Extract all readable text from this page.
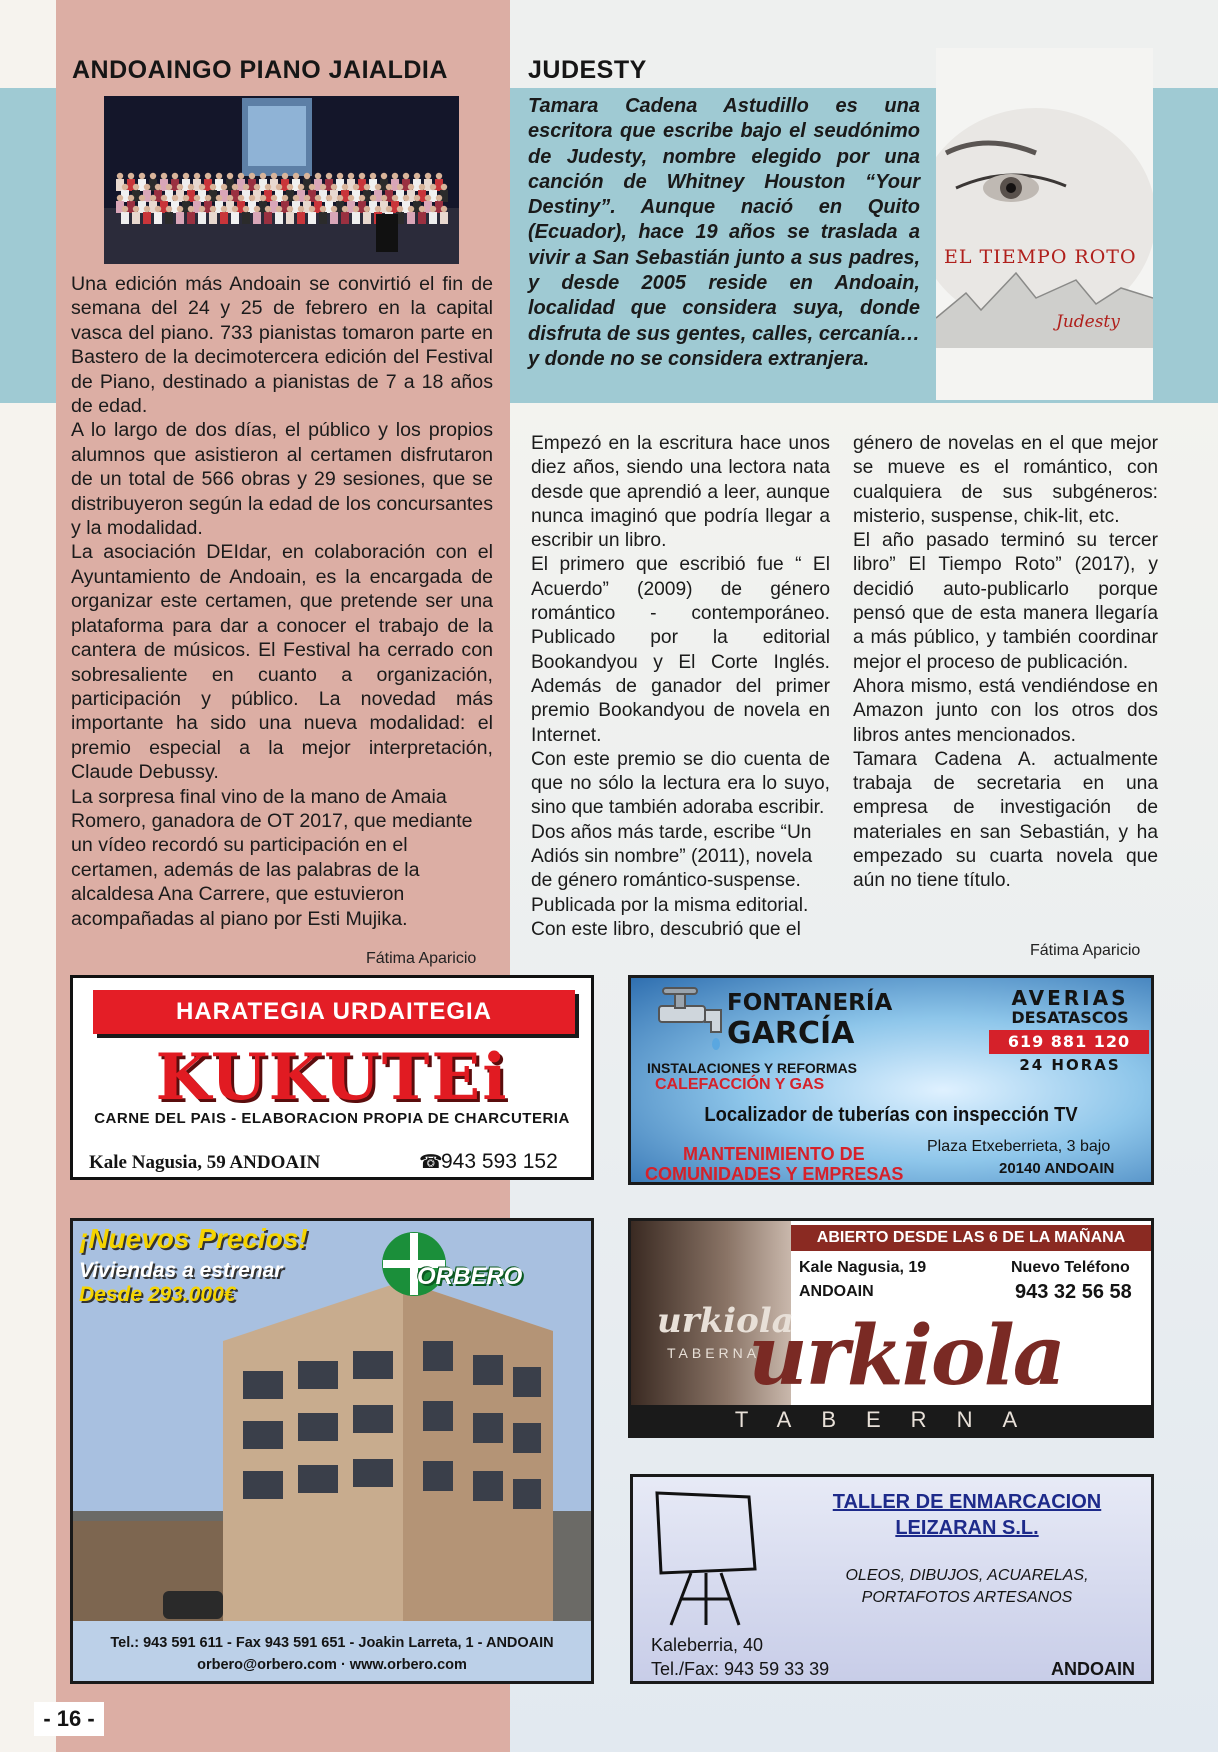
ANDOAINGO PIANO JAIALDIA

Una edición más Andoain se convirtió el fin de semana del 24 y 25 de febrero en la capital vasca del piano. 733 pianistas tomaron parte en Bastero de la decimotercera edición del Festival de Piano, destinado a pianistas de 7 a 18 años de edad.

A lo largo de dos días, el público y los propios alumnos que asistieron al certamen disfrutaron de un total de 566 obras y 29 sesiones, que se distribuyeron según la edad de los concursantes y la modalidad.

La asociación DEIdar, en colaboración con el Ayuntamiento de Andoain, es la encargada de organizar este certamen, que pretende ser una plataforma para dar a conocer el trabajo de la cantera de músicos. El Festival ha cerrado con sobresaliente en cuanto a organización, participación y público. La novedad más importante ha sido una nueva modalidad: el premio especial a la mejor interpretación, Claude Debussy.

La sorpresa final vino de la mano de Amaia Romero, ganadora de OT 2017, que mediante un vídeo recordó su participación en el certamen, además de las palabras de la alcaldesa Ana Carrere, que estuvieron acompañadas al piano por Esti Mujika.

Fátima Aparicio
JUDESTY
Tamara Cadena Astudillo es una escritora que escribe bajo el seudónimo de Judesty, nombre elegido por una canción de Whitney Houston “Your Destiny”. Aunque nació en Quito (Ecuador), hace 19 años se traslada a vivir a San Sebastián junto a sus padres, y desde 2005 reside en Andoain, localidad que considera suya, donde disfruta de sus gentes, calles, cercanía… y donde no se considera extranjera.
EL TIEMPO ROTO
Judesty

Empezó en la escritura hace unos diez años, siendo una lectora nata desde que aprendió a leer, aunque nunca imaginó que podría llegar a escribir un libro.

El primero que escribió fue “ El Acuerdo” (2009) de género romántico - contemporáneo. Publicado por la editorial Bookandyou y El Corte Inglés. Además de ganador del primer premio Bookandyou de novela en Internet.

Con este premio se dio cuenta de que no sólo la lectura era lo suyo, sino que también adoraba escribir.

Dos años más tarde, escribe “Un Adiós sin nombre” (2011), novela de género romántico-suspense. Publicada por la misma editorial. Con este libro, descubrió que el

género de novelas en el que mejor se mueve es el romántico, con cualquiera de sus subgéneros: misterio, suspense, chik-lit, etc.

El año pasado terminó su tercer libro” El Tiempo Roto” (2017), y decidió auto-publicarlo porque pensó que de esta manera llegaría a más público, y también coordinar mejor el proceso de publicación.

Ahora mismo, está vendiéndose en Amazon junto con los otros dos libros antes mencionados.

Tamara Cadena A. actualmente trabaja de secretaria en una empresa de investigación de materiales en san Sebastián, y ha empezado su cuarta novela que aún no tiene título.

Fátima Aparicio
HARATEGIA URDAITEGIA
KUKUTEi
CARNE DEL PAIS - ELABORACION PROPIA DE CHARCUTERIA
Kale Nagusia, 59 ANDOAIN	☎
943 593 152
FONTANERÍA
GARCÍA
AVERIAS
DESATASCOS
619 881 120
24 HORAS
INSTALACIONES Y REFORMAS
CALEFACCIÓN Y GAS
Localizador de tuberías con inspección TV
MANTENIMIENTO DE
COMUNIDADES Y EMPRESAS
Plaza Etxeberrieta, 3 bajo
20140 ANDOAIN
¡Nuevos Precios!
Viviendas a estrenar
Desde 293.000€
ORBERO
Tel.: 943 591 611 - Fax 943 591 651 - Joakin Larreta, 1 - ANDOAIN
orbero@orbero.com · www.orbero.com
urkiola
TABERNA
ABIERTO DESDE LAS 6 DE LA MAÑANA
Kale Nagusia, 19
ANDOAIN
Nuevo Teléfono
943 32 56 58
urkiola
TABERNA
TALLER DE ENMARCACION
LEIZARAN S.L.
OLEOS, DIBUJOS, ACUARELAS,
PORTAFOTOS ARTESANOS
Kaleberria, 40
Tel./Fax: 943 59 33 39	ANDOAIN
- 16 -
